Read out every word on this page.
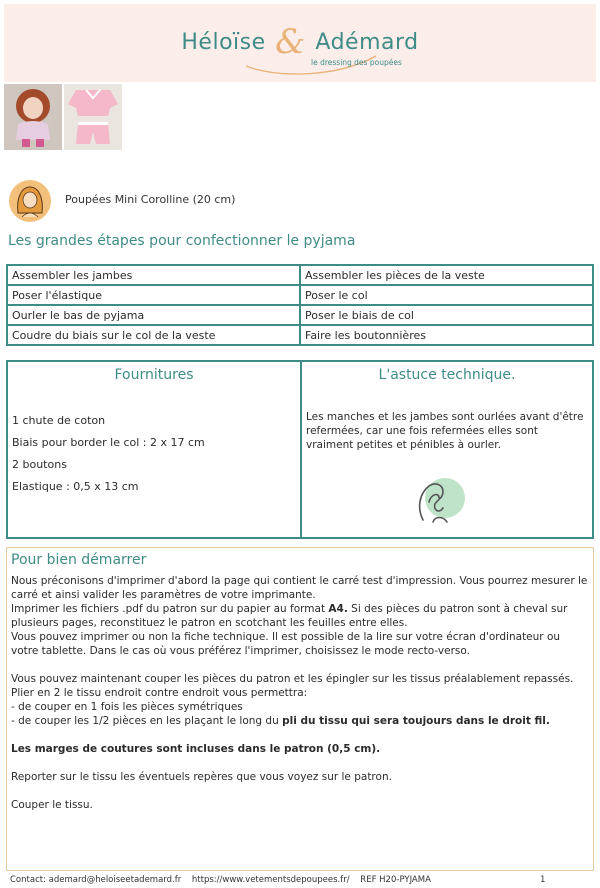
Héloïse & Adémard
le dressing des poupées
Poupées Mini Corolline (20 cm)
Les grandes étapes pour confectionner le pyjama
Assembler les jambes	Assembler les pièces de la veste
Poser l'élastique	Poser le col
Ourler le bas de pyjama	Poser le biais de col
Coudre du biais sur le col de la veste	Faire les boutonnières
Fournitures
1 chute de coton
Biais pour border le col : 2 x 17 cm
2 boutons
Elastique : 0,5 x 13 cm
L'astuce technique.
Les manches et les jambes sont ourlées avant d'être refermées, car une fois refermées elles sont vraiment petites et pénibles à ourler.
Pour bien démarrer

Nous préconisons d'imprimer d'abord la page qui contient le carré test d'impression. Vous pourrez mesurer le carré et ainsi valider les paramètres de votre imprimante.

Imprimer les fichiers .pdf du patron sur du papier au format A4. Si des pièces du patron sont à cheval sur plusieurs pages, reconstituez le patron en scotchant les feuilles entre elles.

Vous pouvez imprimer ou non la fiche technique. Il est possible de la lire sur votre écran d'ordinateur ou votre tablette. Dans le cas où vous préférez l'imprimer, choisissez le mode recto-verso.

Vous pouvez maintenant couper les pièces du patron et les épingler sur les tissus préalablement repassés.

Plier en 2 le tissu endroit contre endroit vous permettra:

- de couper en 1 fois les pièces symétriques

- de couper les 1/2 pièces en les plaçant le long du pli du tissu qui sera toujours dans le droit fil.

Les marges de coutures sont incluses dans le patron (0,5 cm).

Reporter sur le tissu les éventuels repères que vous voyez sur le patron.

Couper le tissu.

Contact: ademard@heloiseetademard.fr https://www.vetementsdepoupees.fr/ REF H20-PYJAMA	1
